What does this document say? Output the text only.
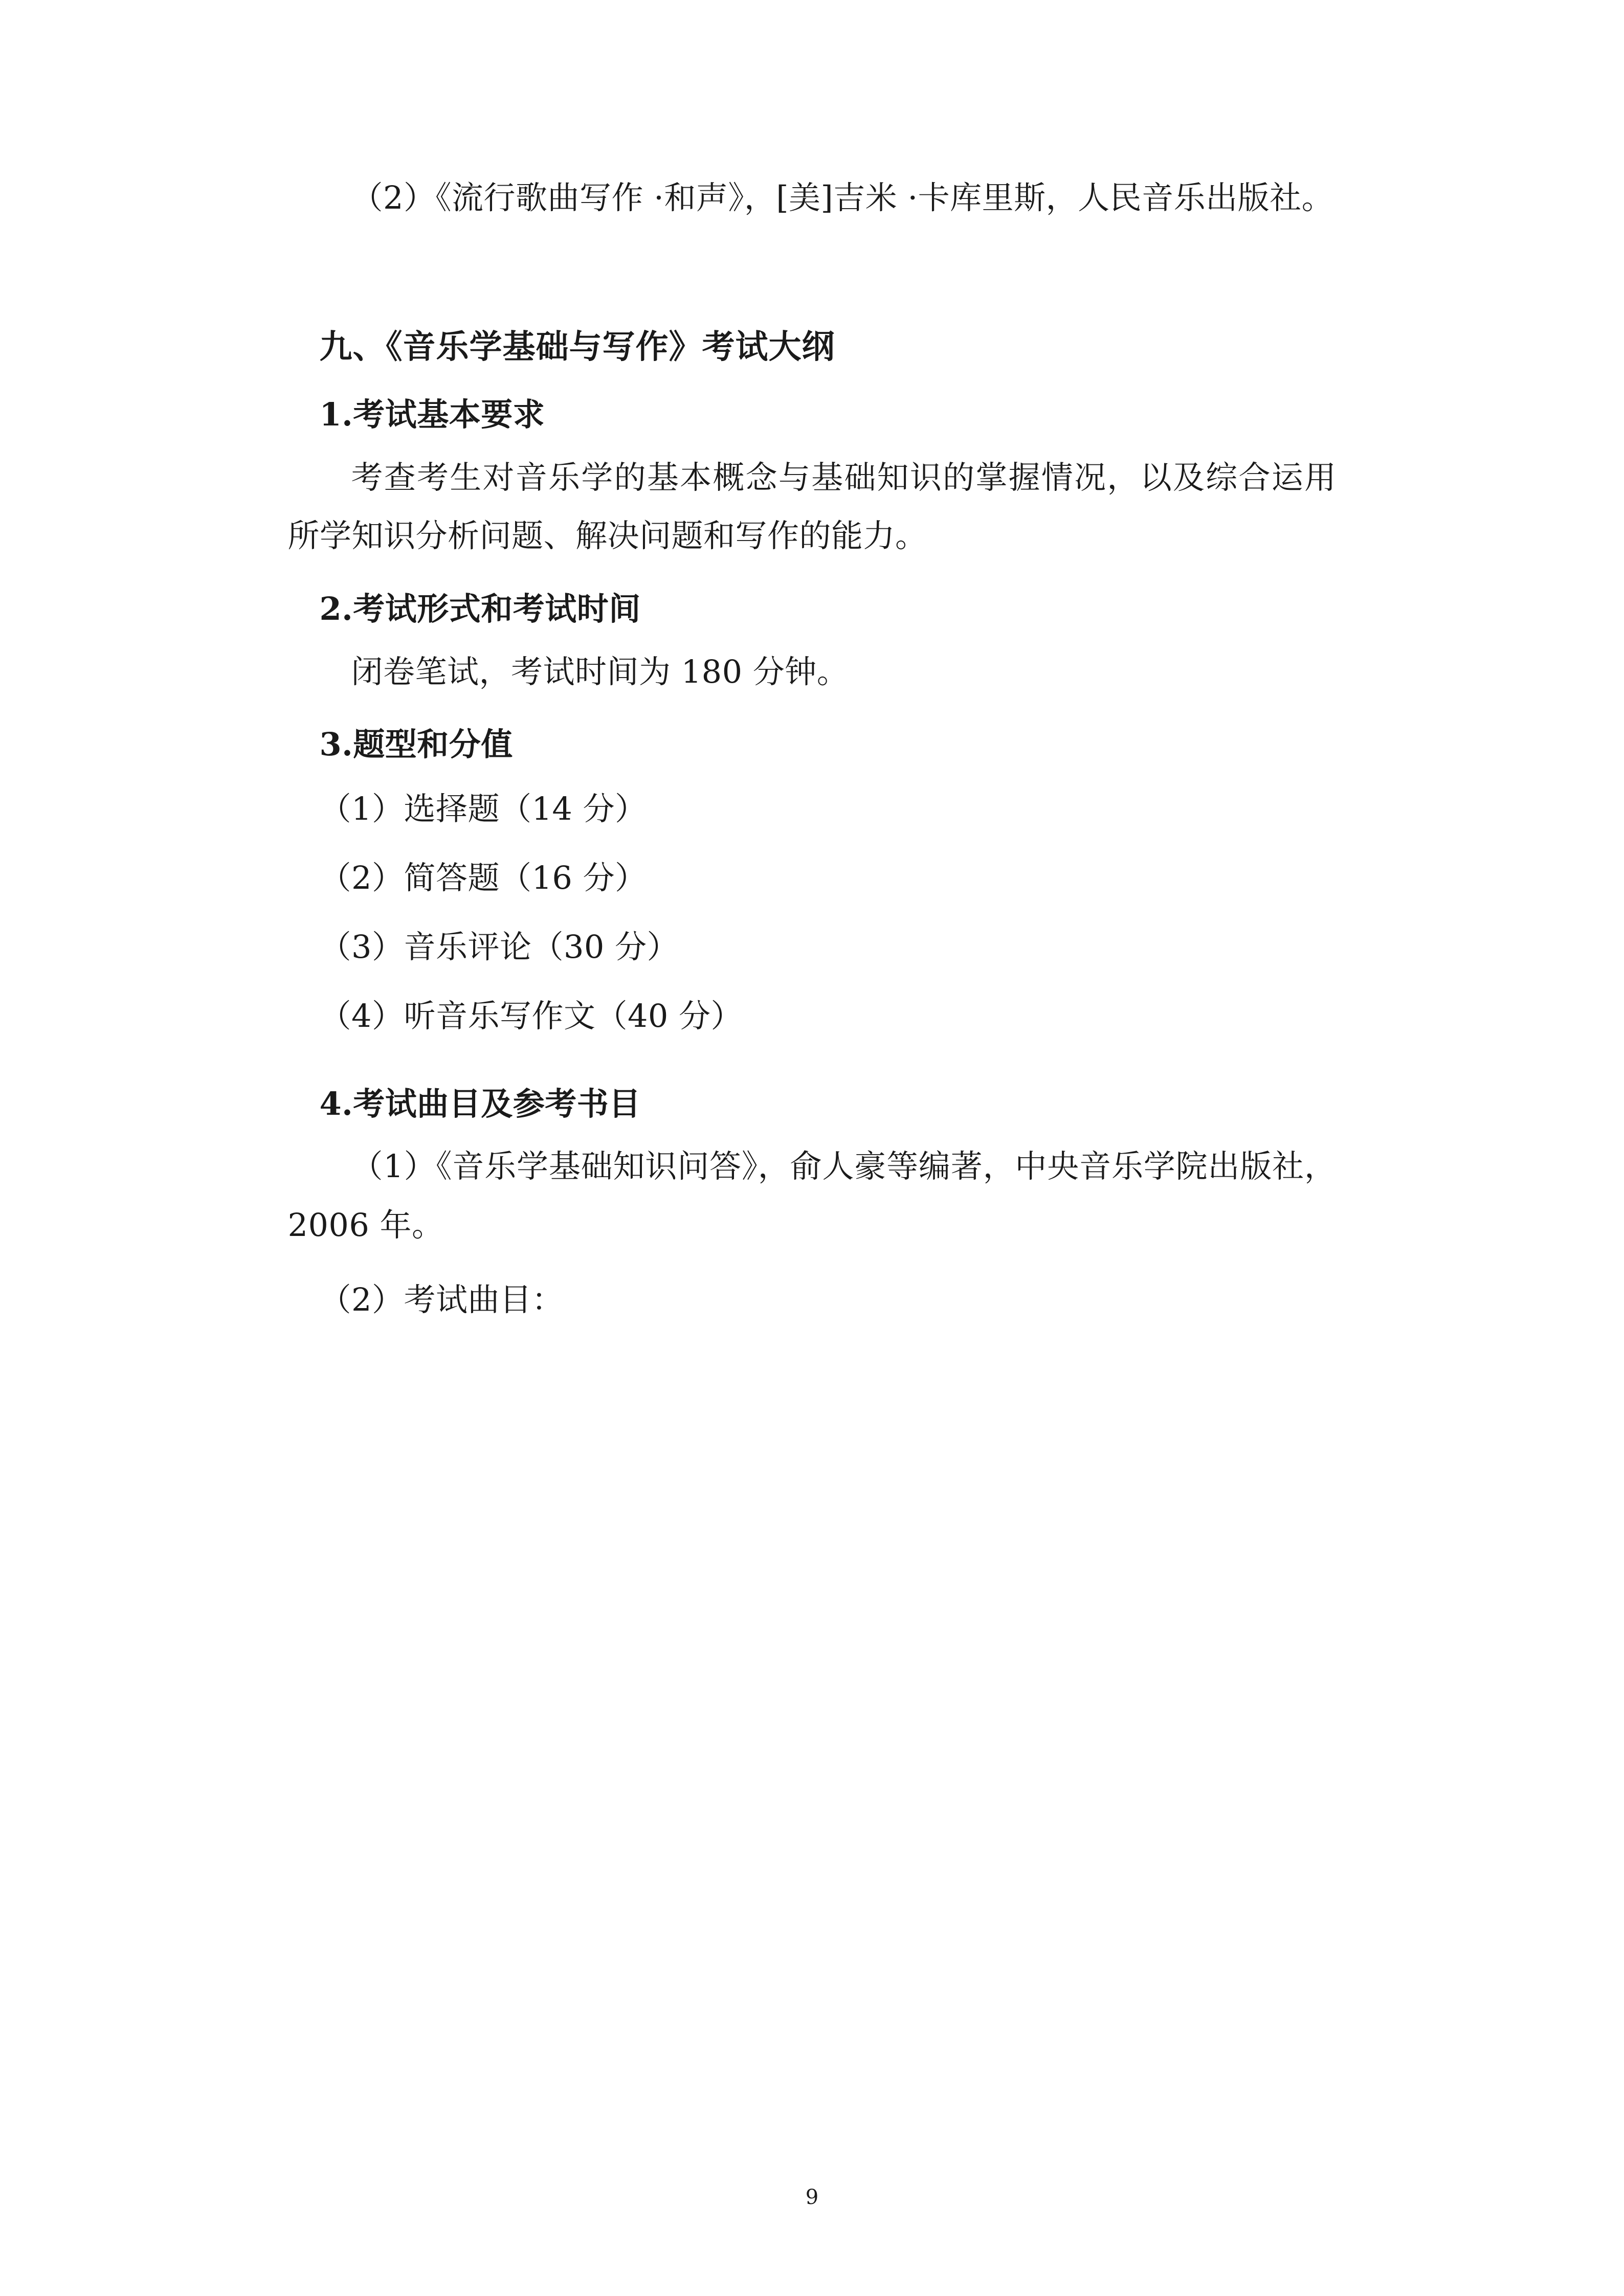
（2）《流行歌曲写作 ·和声》，[美]吉米 ·卡库里斯，人民音乐出版社。

九、《音乐学基础与写作》考试大纲
1.考试基本要求

考查考生对音乐学的基本概念与基础知识的掌握情况，以及综合运用所学知识分析问题、解决问题和写作的能力。

2.考试形式和考试时间

闭卷笔试，考试时间为 180 分钟。

3.题型和分值

（1）选择题（14 分）

（2）简答题（16 分）

（3）音乐评论（30 分）

（4）听音乐写作文（40 分）

4.考试曲目及参考书目

（1）《音乐学基础知识问答》，俞人豪等编著，中央音乐学院出版社，2006 年。

（2）考试曲目：

9
